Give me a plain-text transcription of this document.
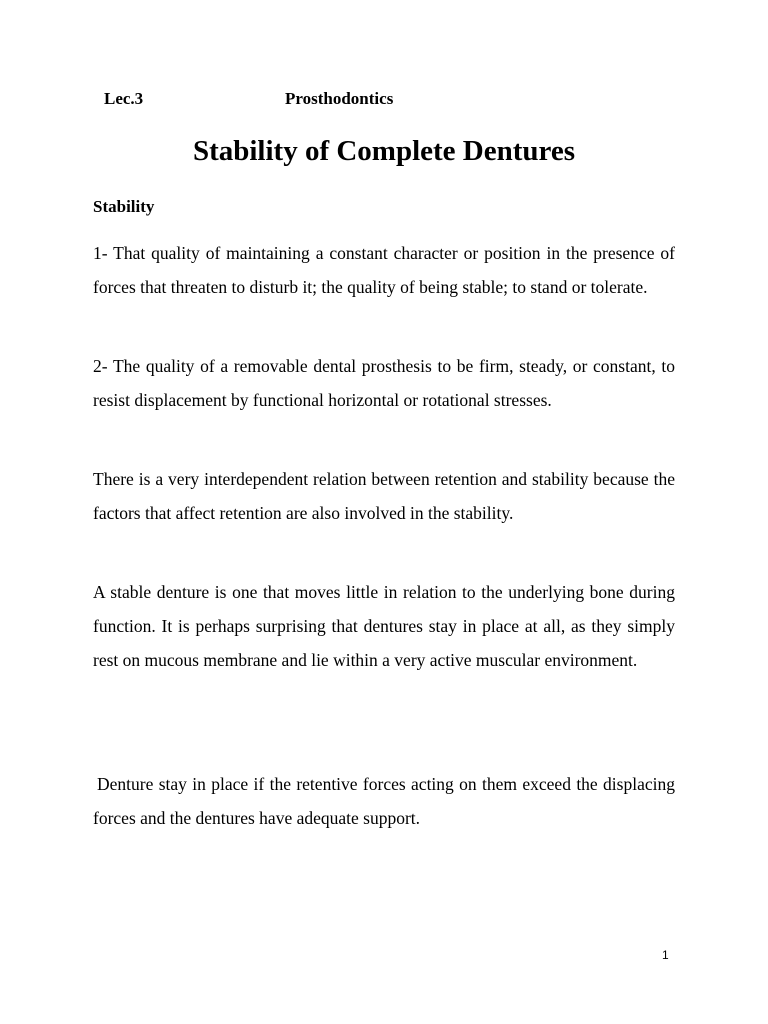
Lec.3	Prosthodontics
Stability of Complete Dentures
Stability

1- That quality of maintaining a constant character or position in the presence of forces that threaten to disturb it; the quality of being stable; to stand or tolerate.

2- The quality of a removable dental prosthesis to be firm, steady, or constant, to resist displacement by functional horizontal or rotational stresses.

There is a very interdependent relation between retention and stability because the factors that affect retention are also involved in the stability.

A stable denture is one that moves little in relation to the underlying bone during function. It is perhaps surprising that dentures stay in place at all, as they simply rest on mucous membrane and lie within a very active muscular environment.

Denture stay in place if the retentive forces acting on them exceed the displacing forces and the dentures have adequate support.

1
